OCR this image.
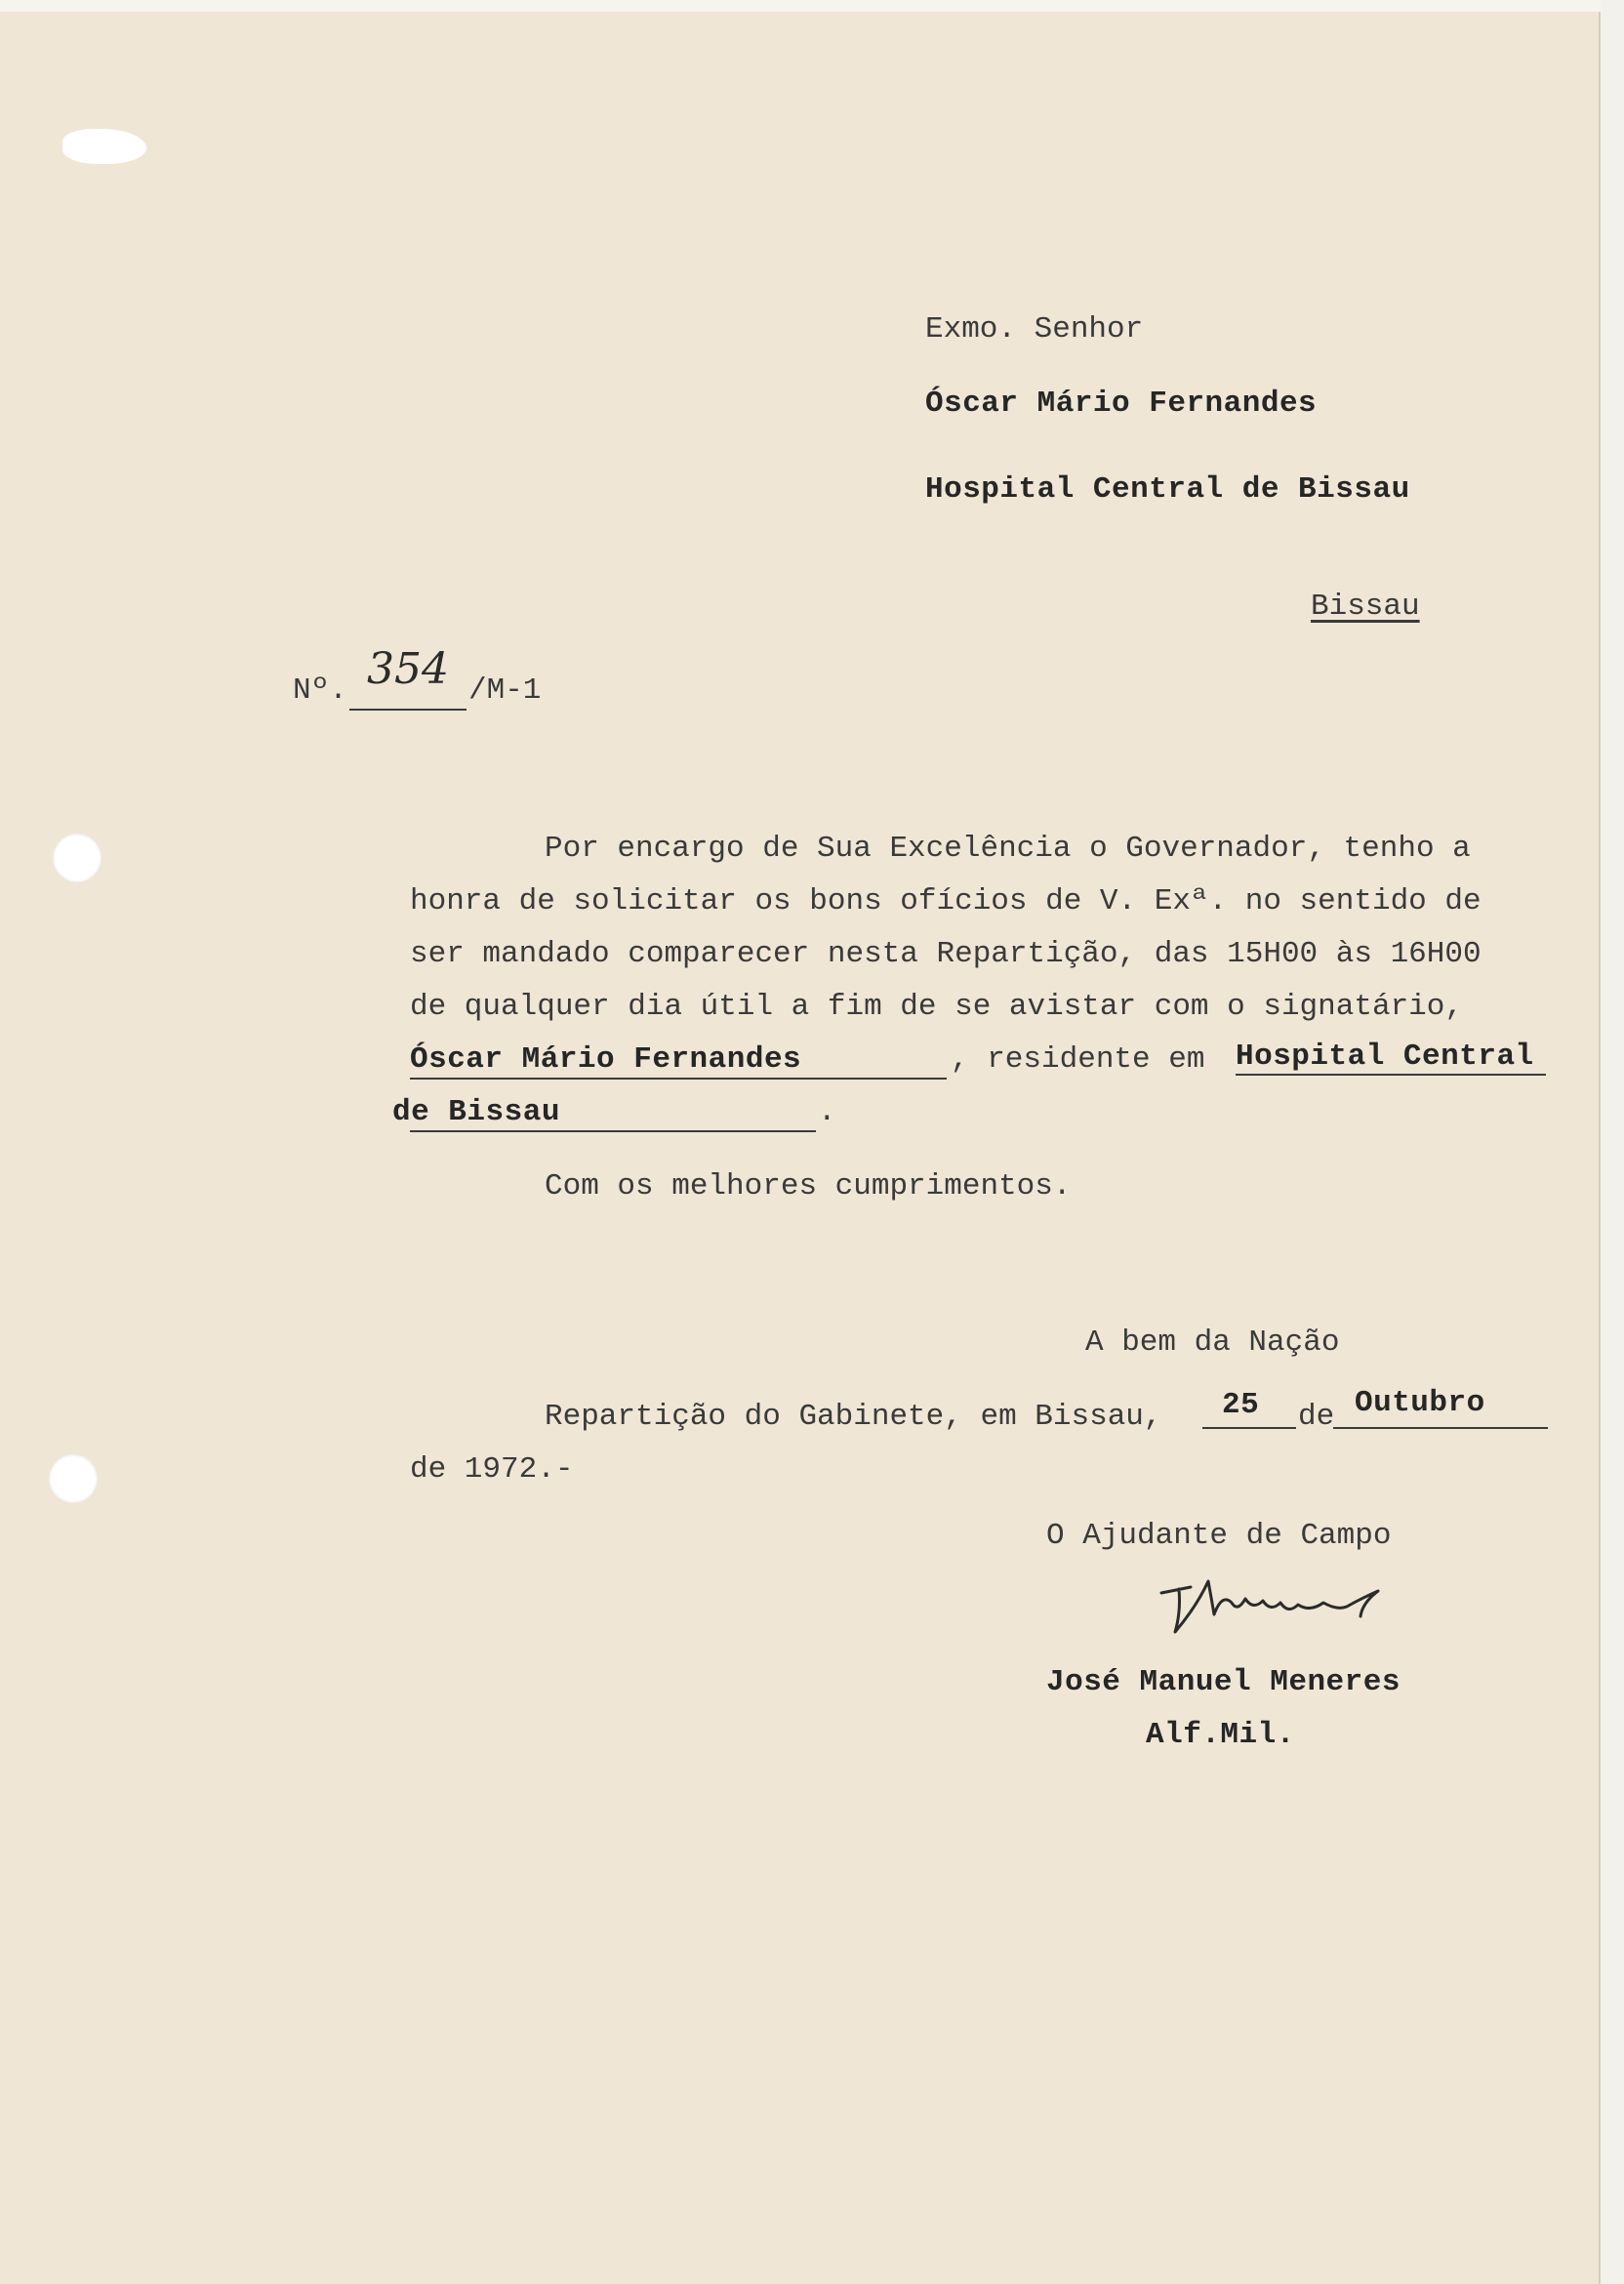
Exmo. Senhor
Óscar Mário Fernandes
Hospital Central de Bissau
Bissau
Nº. 354 /M-1
Por encargo de Sua Excelência o Governador, tenho a
honra de solicitar os bons ofícios de V. Exª. no sentido de
ser mandado comparecer nesta Repartição, das 15H00 às 16H00
de qualquer dia útil a fim de se avistar com o signatário,
Óscar Mário Fernandes	, residente em Hospital Central
de Bissau	.
Com os melhores cumprimentos.
A bem da Nação
Repartição do Gabinete, em Bissau, 25 de Outubro
de 1972.-
O Ajudante de Campo
José Manuel Meneres
Alf.Mil.
